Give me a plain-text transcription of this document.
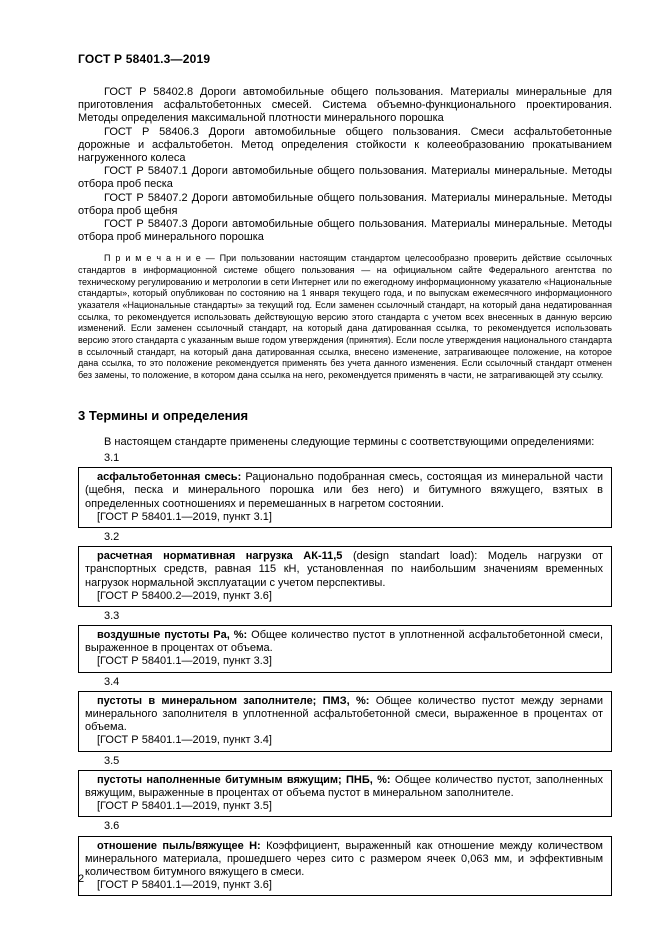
ГОСТ Р 58401.3—2019

ГОСТ Р 58402.8 Дороги автомобильные общего пользования. Материалы минеральные для приготовления асфальтобетонных смесей. Система объемно-функционального проектирования. Методы определения максимальной плотности минерального порошка

ГОСТ Р 58406.3 Дороги автомобильные общего пользования. Смеси асфальтобетонные дорожные и асфальтобетон. Метод определения стойкости к колееобразованию прокатыванием нагруженного колеса

ГОСТ Р 58407.1 Дороги автомобильные общего пользования. Материалы минеральные. Методы отбора проб песка

ГОСТ Р 58407.2 Дороги автомобильные общего пользования. Материалы минеральные. Методы отбора проб щебня

ГОСТ Р 58407.3 Дороги автомобильные общего пользования. Материалы минеральные. Методы отбора проб минерального порошка

П р и м е ч а н и е — При пользовании настоящим стандартом целесообразно проверить действие ссылочных стандартов в информационной системе общего пользования — на официальном сайте Федерального агентства по техническому регулированию и метрологии в сети Интернет или по ежегодному информационному указателю «Национальные стандарты», который опубликован по состоянию на 1 января текущего года, и по выпускам ежемесячного информационного указателя «Национальные стандарты» за текущий год. Если заменен ссылочный стандарт, на который дана недатированная ссылка, то рекомендуется использовать действующую версию этого стандарта с учетом всех внесенных в данную версию изменений. Если заменен ссылочный стандарт, на который дана датированная ссылка, то рекомендуется использовать версию этого стандарта с указанным выше годом утверждения (принятия). Если после утверждения национального стандарта в ссылочный стандарт, на который дана датированная ссылка, внесено изменение, затрагивающее положение, на которое дана ссылка, то это положение рекомендуется применять без учета данного изменения. Если ссылочный стандарт отменен без замены, то положение, в котором дана ссылка на него, рекомендуется применять в части, не затрагивающей эту ссылку.

3 Термины и определения

В настоящем стандарте применены следующие термины с соответствующими определениями:

3.1

асфальтобетонная смесь: Рационально подобранная смесь, состоящая из минеральной части (щебня, песка и минерального порошка или без него) и битумного вяжущего, взятых в определенных соотношениях и перемешанных в нагретом состоянии.

[ГОСТ Р 58401.1—2019, пункт 3.1]

3.2

расчетная нормативная нагрузка АК-11,5 (design standart load): Модель нагрузки от транспортных средств, равная 115 кН, установленная по наибольшим значениям временных нагрузок нормальной эксплуатации с учетом перспективы.

[ГОСТ Р 58400.2—2019, пункт 3.6]

3.3

воздушные пустоты Pа, %: Общее количество пустот в уплотненной асфальтобетонной смеси, выраженное в процентах от объема.

[ГОСТ Р 58401.1—2019, пункт 3.3]

3.4

пустоты в минеральном заполнителе; ПМЗ, %: Общее количество пустот между зернами минерального заполнителя в уплотненной асфальтобетонной смеси, выраженное в процентах от объема.

[ГОСТ Р 58401.1—2019, пункт 3.4]

3.5

пустоты наполненные битумным вяжущим; ПНБ, %: Общее количество пустот, заполненных вяжущим, выраженные в процентах от объема пустот в минеральном заполнителе.

[ГОСТ Р 58401.1—2019, пункт 3.5]

3.6

отношение пыль/вяжущее Н: Коэффициент, выраженный как отношение между количеством минерального материала, прошедшего через сито с размером ячеек 0,063 мм, и эффективным количеством битумного вяжущего в смеси.

[ГОСТ Р 58401.1—2019, пункт 3.6]

2
